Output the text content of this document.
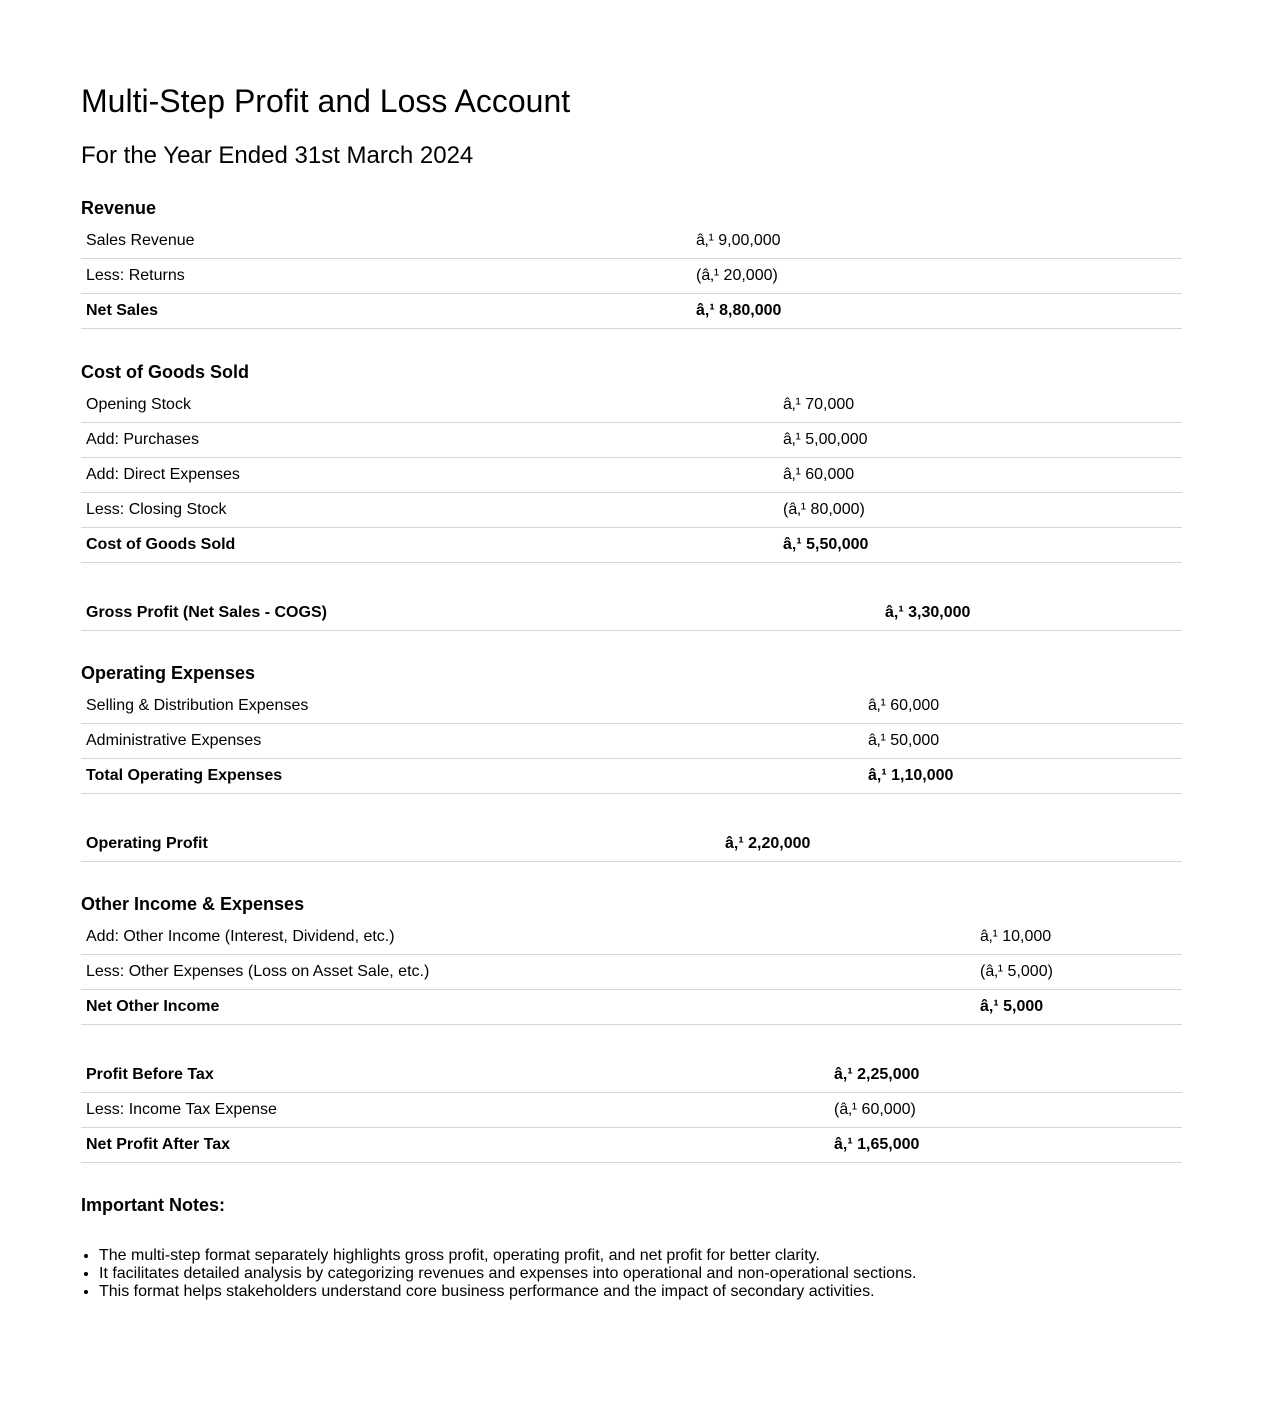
Multi-Step Profit and Loss Account
For the Year Ended 31st March 2024
Revenue
Sales Revenue	â‚¹ 9,00,000
Less: Returns	(â‚¹ 20,000)
Net Sales	â‚¹ 8,80,000
Cost of Goods Sold
Opening Stock	â‚¹ 70,000
Add: Purchases	â‚¹ 5,00,000
Add: Direct Expenses	â‚¹ 60,000
Less: Closing Stock	(â‚¹ 80,000)
Cost of Goods Sold	â‚¹ 5,50,000
Gross Profit (Net Sales - COGS)	â‚¹ 3,30,000
Operating Expenses
Selling & Distribution Expenses	â‚¹ 60,000
Administrative Expenses	â‚¹ 50,000
Total Operating Expenses	â‚¹ 1,10,000
Operating Profit	â‚¹ 2,20,000
Other Income & Expenses
Add: Other Income (Interest, Dividend, etc.)	â‚¹ 10,000
Less: Other Expenses (Loss on Asset Sale, etc.)	(â‚¹ 5,000)
Net Other Income	â‚¹ 5,000
Profit Before Tax	â‚¹ 2,25,000
Less: Income Tax Expense	(â‚¹ 60,000)
Net Profit After Tax	â‚¹ 1,65,000
Important Notes:
• The multi-step format separately highlights gross profit, operating profit, and net profit for better clarity.
• It facilitates detailed analysis by categorizing revenues and expenses into operational and non-operational sections.
• This format helps stakeholders understand core business performance and the impact of secondary activities.
